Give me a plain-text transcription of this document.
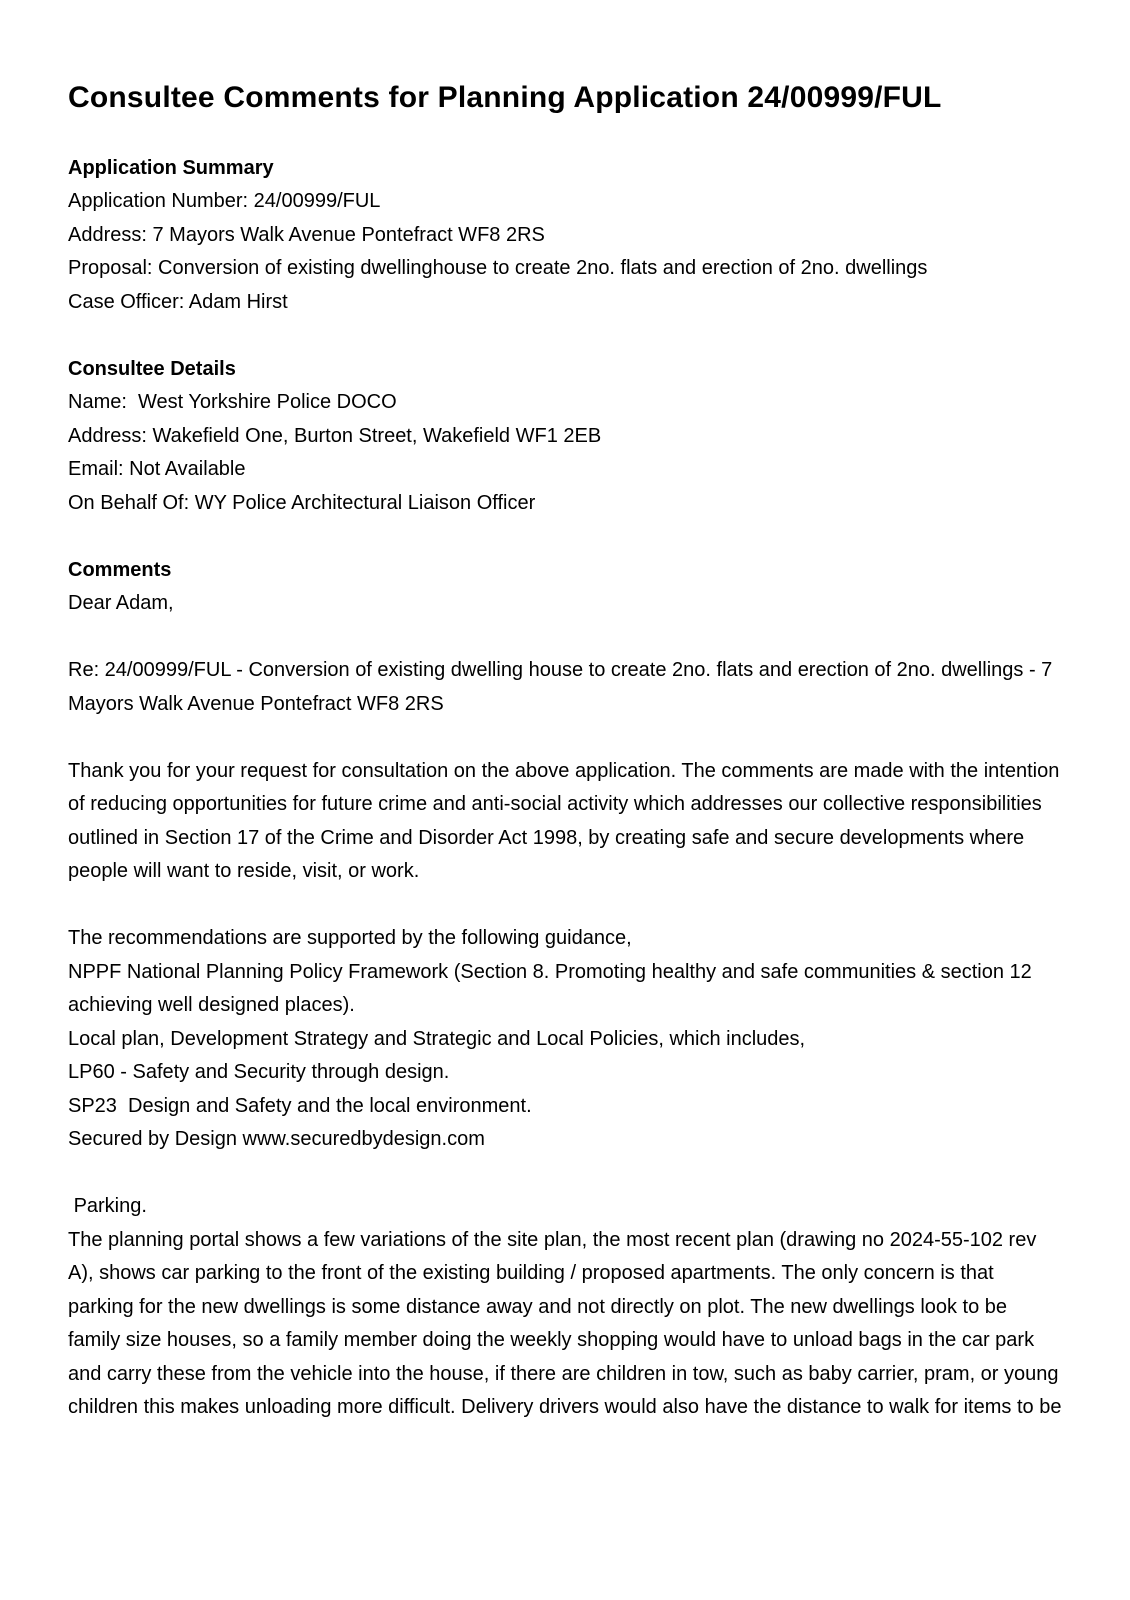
Consultee Comments for Planning Application 24/00999/FUL

Application Summary

Application Number: 24/00999/FUL

Address: 7 Mayors Walk Avenue Pontefract WF8 2RS

Proposal: Conversion of existing dwellinghouse to create 2no. flats and erection of 2no. dwellings

Case Officer: Adam Hirst

Consultee Details

Name:  West Yorkshire Police DOCO

Address: Wakefield One, Burton Street, Wakefield WF1 2EB

Email: Not Available

On Behalf Of: WY Police Architectural Liaison Officer

Comments

Dear Adam,

Re: 24/00999/FUL - Conversion of existing dwelling house to create 2no. flats and erection of 2no. dwellings - 7 Mayors Walk Avenue Pontefract WF8 2RS

Thank you for your request for consultation on the above application. The comments are made with the intention of reducing opportunities for future crime and anti-social activity which addresses our collective responsibilities outlined in Section 17 of the Crime and Disorder Act 1998, by creating safe and secure developments where people will want to reside, visit, or work.

The recommendations are supported by the following guidance,

NPPF National Planning Policy Framework (Section 8. Promoting healthy and safe communities & section 12 achieving well designed places).

Local plan, Development Strategy and Strategic and Local Policies, which includes,

LP60 - Safety and Security through design.

SP23  Design and Safety and the local environment.

Secured by Design www.securedbydesign.com

Parking.

The planning portal shows a few variations of the site plan, the most recent plan (drawing no 2024-55-102 rev A), shows car parking to the front of the existing building / proposed apartments. The only concern is that parking for the new dwellings is some distance away and not directly on plot. The new dwellings look to be family size houses, so a family member doing the weekly shopping would have to unload bags in the car park and carry these from the vehicle into the house, if there are children in tow, such as baby carrier, pram, or young children this makes unloading more difficult. Delivery drivers would also have the distance to walk for items to be
